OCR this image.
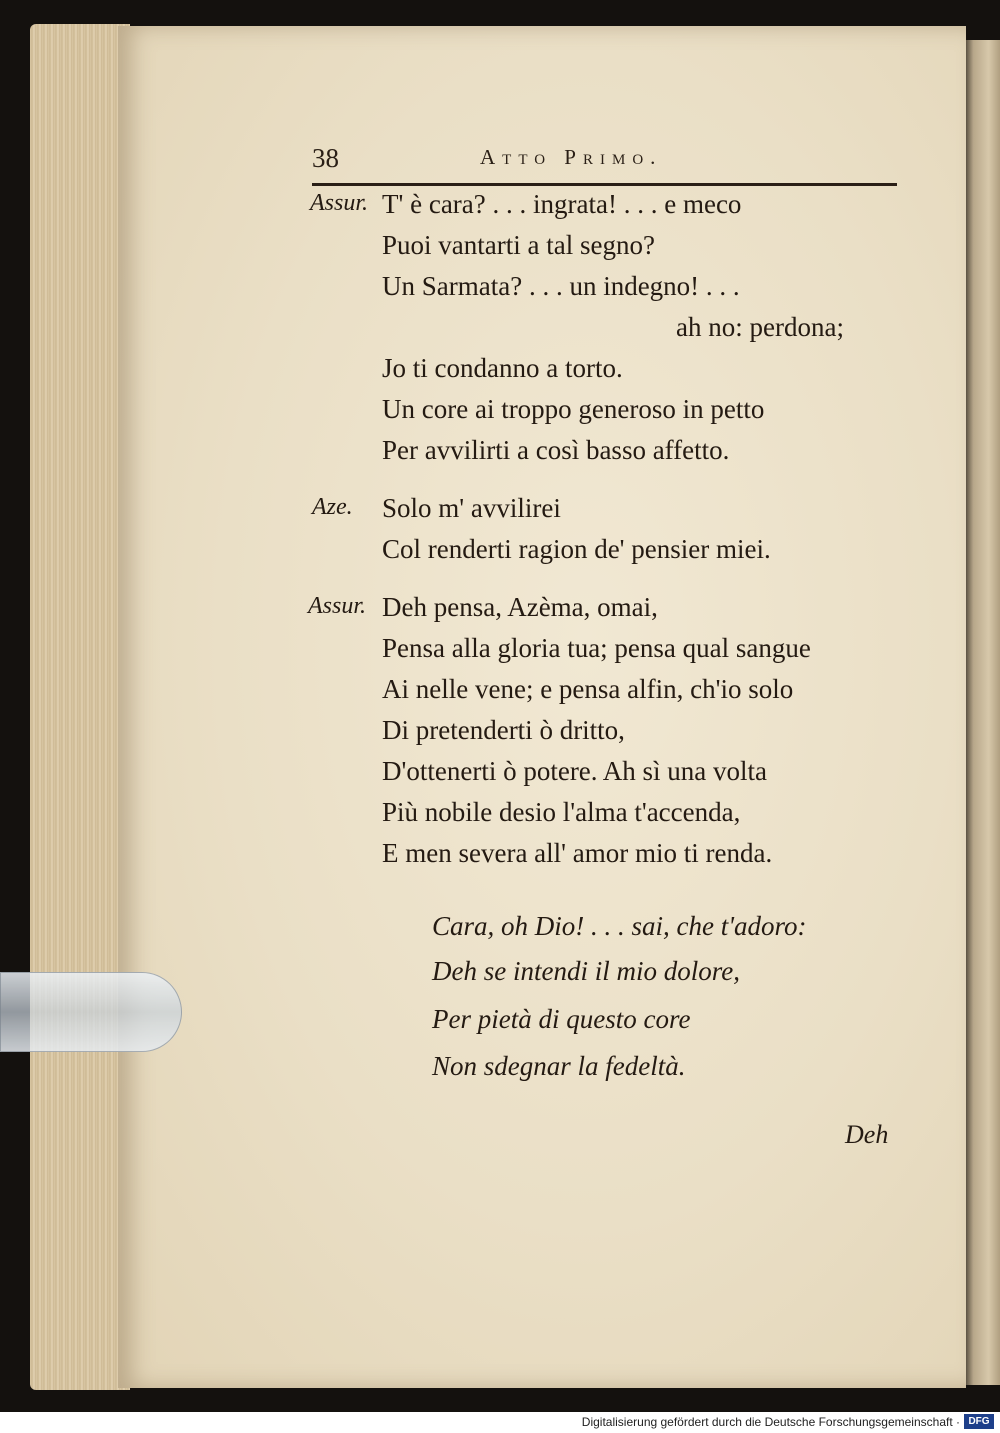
38	Atto Primo.
Assur. T' è cara? . . . ingrata! . . . e meco
Puoi vantarti a tal segno?
Un Sarmata? . . . un indegno! . . .
ah no: perdona;
Jo ti condanno a torto.
Un core ai troppo generoso in petto
Per avvilirti a così basso affetto.
Aze. Solo m' avvilirei
Col renderti ragion de' pensier miei.
Assur. Deh pensa, Azèma, omai,
Pensa alla gloria tua; pensa qual sangue
Ai nelle vene; e pensa alfin, ch'io solo
Di pretenderti ò dritto,
D'ottenerti ò potere. Ah sì una volta
Più nobile desio l'alma t'accenda,
E men severa all' amor mio ti renda.
Cara, oh Dio! . . . sai, che t'adoro:
Deh se intendi il mio dolore,
Per pietà di questo core
Non sdegnar la fedeltà.
Deh
Digitalisierung gefördert durch die Deutsche Forschungsgemeinschaft · DFG
